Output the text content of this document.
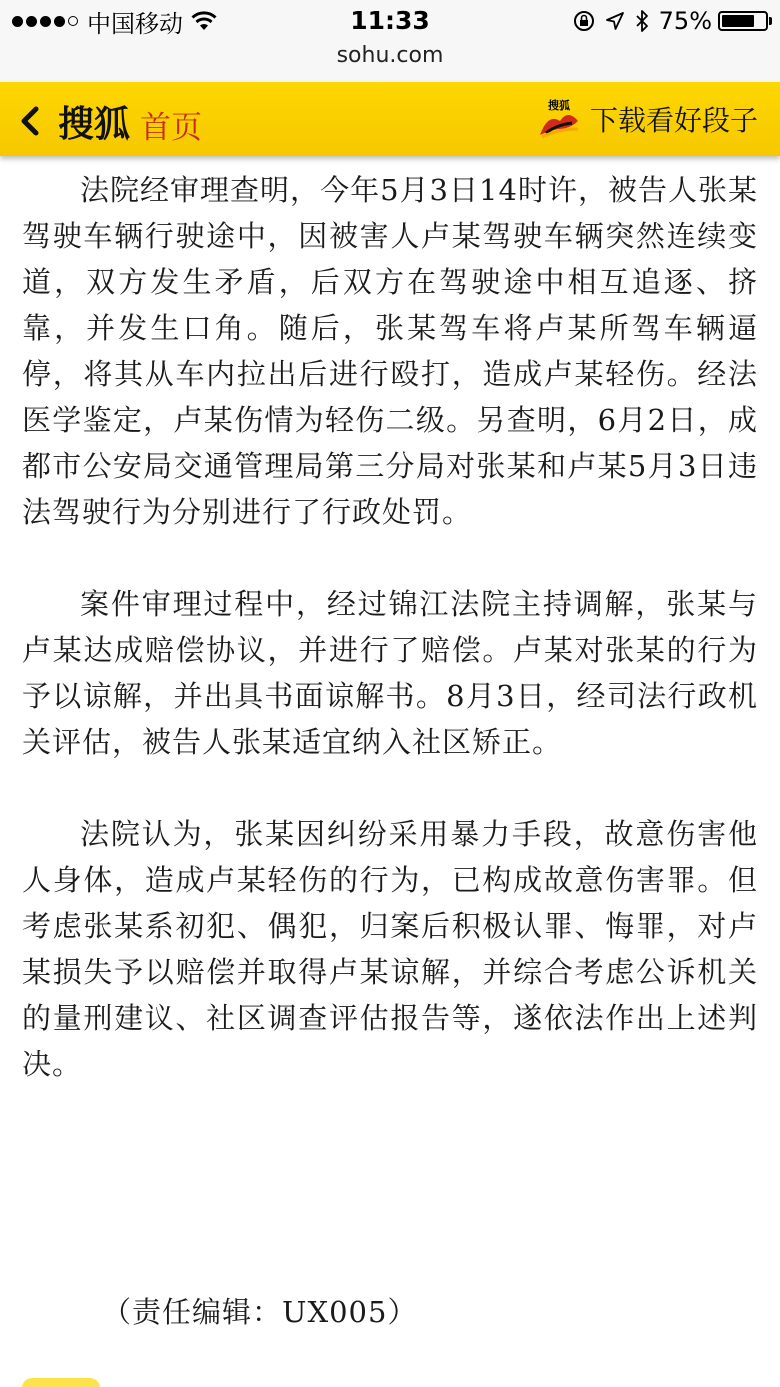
中国移动	11:33	75%
sohu.com
搜狐 首页
搜狐 下载看好段子

法院经审理查明，今年5月3日14时许，被告人张某驾驶车辆行驶途中，因被害人卢某驾驶车辆突然连续变道，双方发生矛盾，后双方在驾驶途中相互追逐、挤靠，并发生口角。随后，张某驾车将卢某所驾车辆逼停，将其从车内拉出后进行殴打，造成卢某轻伤。经法医学鉴定，卢某伤情为轻伤二级。另查明，6月2日，成都市公安局交通管理局第三分局对张某和卢某5月3日违法驾驶行为分别进行了行政处罚。

案件审理过程中，经过锦江法院主持调解，张某与卢某达成赔偿协议，并进行了赔偿。卢某对张某的行为予以谅解，并出具书面谅解书。8月3日，经司法行政机关评估，被告人张某适宜纳入社区矫正。

法院认为，张某因纠纷采用暴力手段，故意伤害他人身体，造成卢某轻伤的行为，已构成故意伤害罪。但考虑张某系初犯、偶犯，归案后积极认罪、悔罪，对卢某损失予以赔偿并取得卢某谅解，并综合考虑公诉机关的量刑建议、社区调查评估报告等，遂依法作出上述判决。

（责任编辑：UX005）
